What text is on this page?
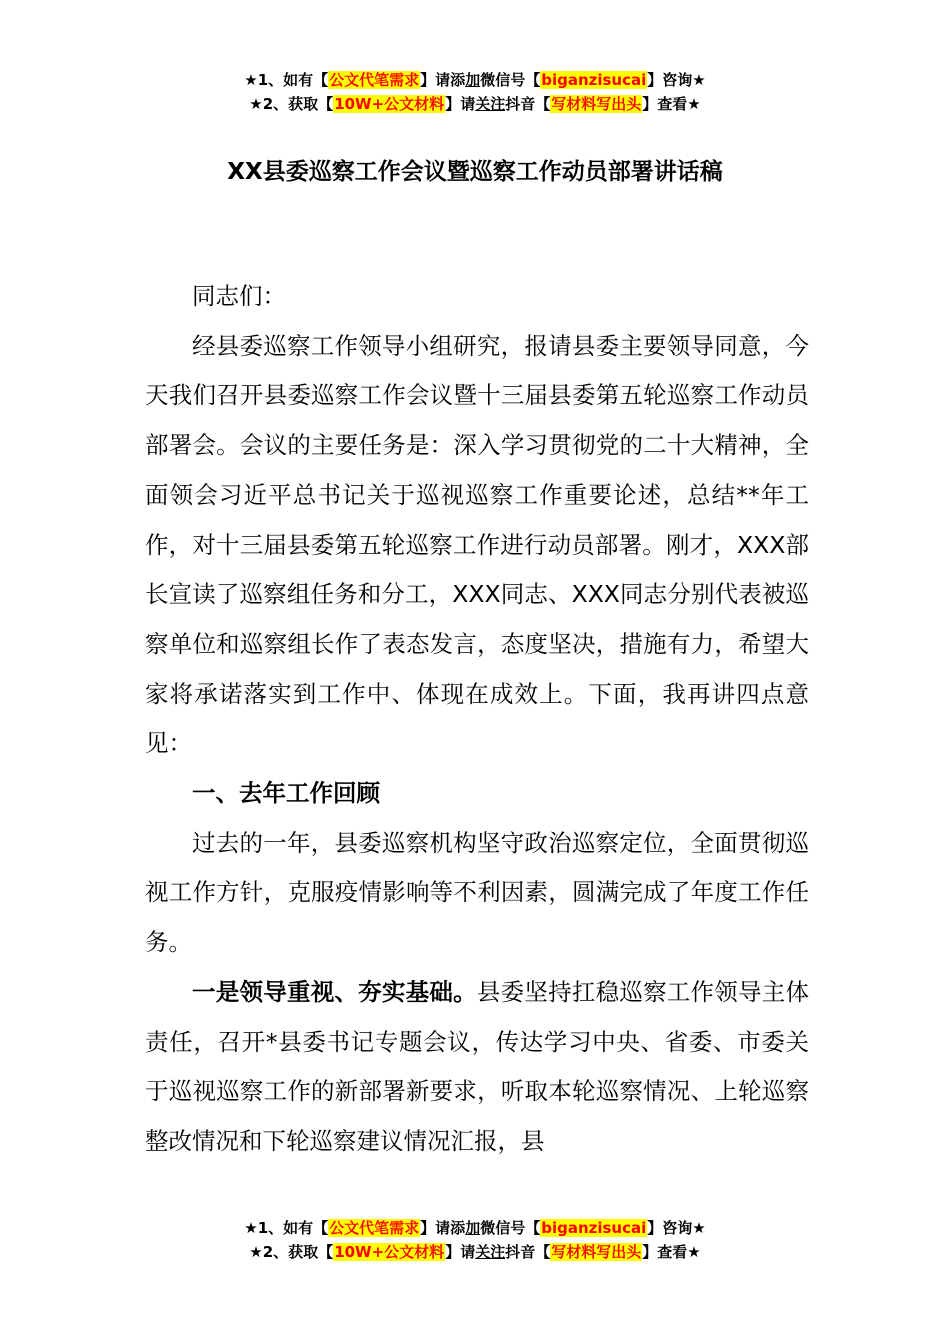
★1、如有【公文代笔需求】请添加微信号【biganzisucai】咨询★
★2、获取【10W+公文材料】请关注抖音【写材料写出头】查看★
XX县委巡察工作会议暨巡察工作动员部署讲话稿

同志们：

经县委巡察工作领导小组研究，报请县委主要领导同意，今天我们召开县委巡察工作会议暨十三届县委第五轮巡察工作动员部署会。会议的主要任务是：深入学习贯彻党的二十大精神，全面领会习近平总书记关于巡视巡察工作重要论述，总结**年工作，对十三届县委第五轮巡察工作进行动员部署。刚才，XXX部长宣读了巡察组任务和分工，XXX同志、XXX同志分别代表被巡察单位和巡察组长作了表态发言，态度坚决，措施有力，希望大家将承诺落实到工作中、体现在成效上。下面，我再讲四点意见：

一、去年工作回顾

过去的一年，县委巡察机构坚守政治巡察定位，全面贯彻巡视工作方针，克服疫情影响等不利因素，圆满完成了年度工作任务。

一是领导重视、夯实基础。县委坚持扛稳巡察工作领导主体责任，召开*县委书记专题会议，传达学习中央、省委、市委关于巡视巡察工作的新部署新要求，听取本轮巡察情况、上轮巡察整改情况和下轮巡察建议情况汇报，县

★1、如有【公文代笔需求】请添加微信号【biganzisucai】咨询★
★2、获取【10W+公文材料】请关注抖音【写材料写出头】查看★
